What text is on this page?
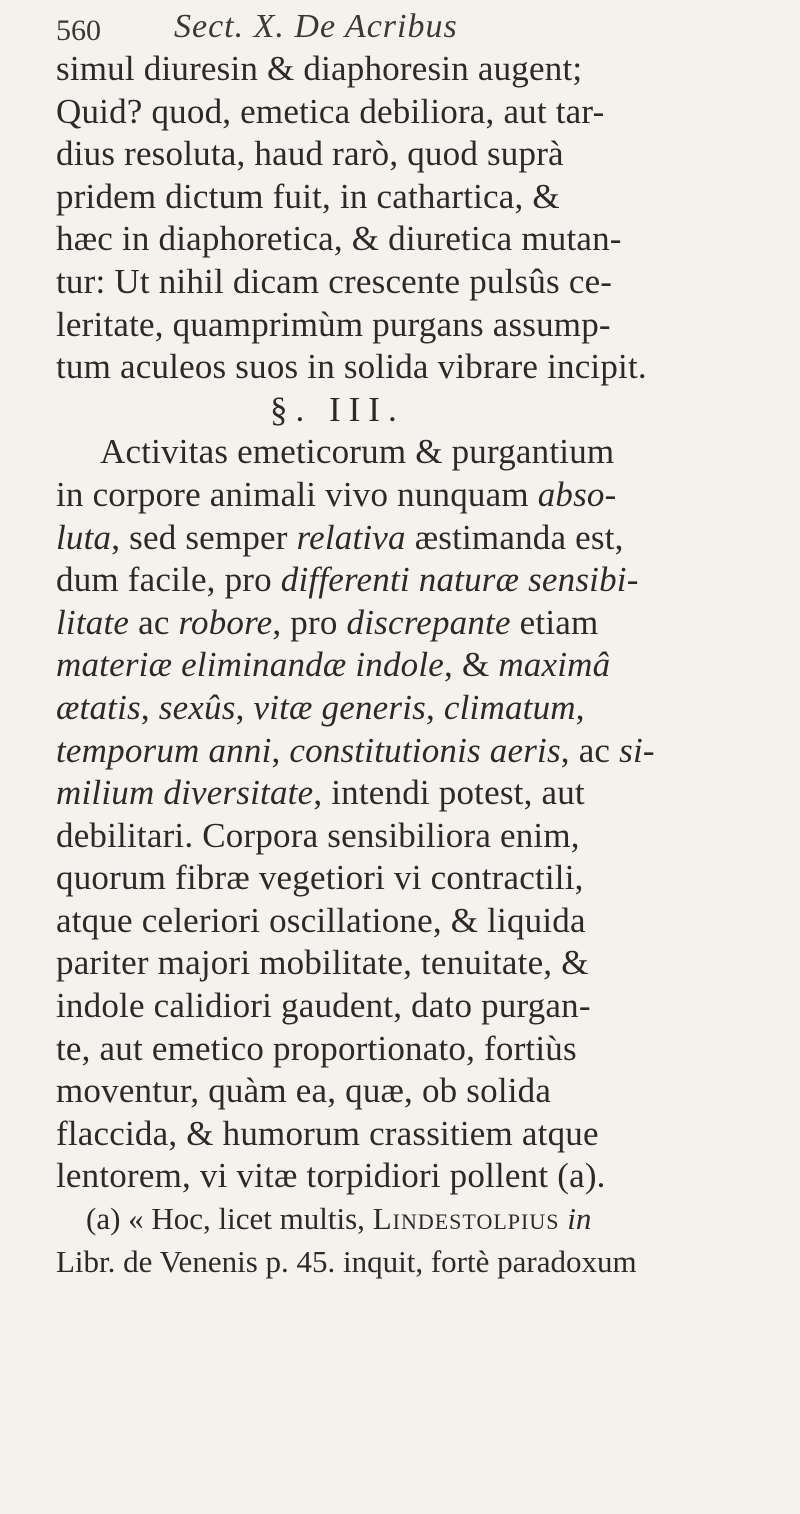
560 Sect. X. De Acribus
simul diuresin & diaphoresin augent;
Quid? quod, emetica debiliora, aut tar-
dius resoluta, haud rarò, quod suprà
pridem dictum fuit, in cathartica, &
hæc in diaphoretica, & diuretica mutan-
tur: Ut nihil dicam crescente pulsûs ce-
leritate, quamprimùm purgans assump-
tum aculeos suos in solida vibrare incipit.
§. III.
Activitas emeticorum & purgantium
in corpore animali vivo nunquam abso-
luta, sed semper relativa æstimanda est,
dum facile, pro differenti naturæ sensibi-
litate ac robore, pro discrepante etiam
materiæ eliminandæ indole, & maximâ
ætatis, sexûs, vitæ generis, climatum,
temporum anni, constitutionis aeris, ac si-
milium diversitate, intendi potest, aut
debilitari. Corpora sensibiliora enim,
quorum fibræ vegetiori vi contractili,
atque celeriori oscillatione, & liquida
pariter majori mobilitate, tenuitate, &
indole calidiori gaudent, dato purgan-
te, aut emetico proportionato, fortiùs
moventur, quàm ea, quæ, ob solida
flaccida, & humorum crassitiem atque
lentorem, vi vitæ torpidiori pollent (a).
(a) « Hoc, licet multis, Lindestolpius in
Libr. de Venenis p. 45. inquit, fortè paradoxum
